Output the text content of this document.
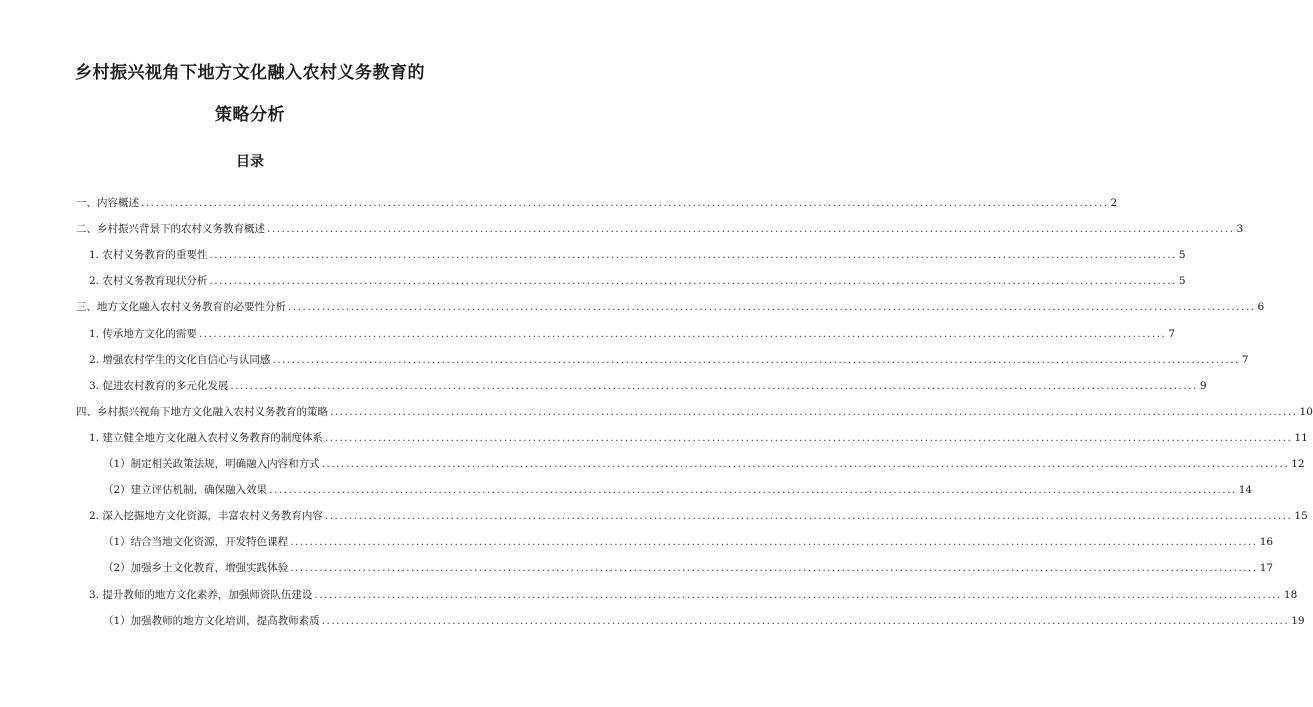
乡村振兴视角下地方文化融入农村义务教育的
策略分析
目录
一、内容概述 ........................................................................................................................................................................................................ 2
二、乡村振兴背景下的农村义务教育概述 ........................................................................................................................................................................................................ 3
1. 农村义务教育的重要性 ........................................................................................................................................................................................................ 5
2. 农村义务教育现状分析 ........................................................................................................................................................................................................ 5
三、地方文化融入农村义务教育的必要性分析 ........................................................................................................................................................................................................ 6
1. 传承地方文化的需要 ........................................................................................................................................................................................................ 7
2. 增强农村学生的文化自信心与认同感 ........................................................................................................................................................................................................ 7
3. 促进农村教育的多元化发展 ........................................................................................................................................................................................................ 9
四、乡村振兴视角下地方文化融入农村义务教育的策略 ........................................................................................................................................................................................................ 10
1. 建立健全地方文化融入农村义务教育的制度体系 ........................................................................................................................................................................................................ 11
（1）制定相关政策法规，明确融入内容和方式 ........................................................................................................................................................................................................ 12
（2）建立评估机制，确保融入效果 ........................................................................................................................................................................................................ 14
2. 深入挖掘地方文化资源，丰富农村义务教育内容 ........................................................................................................................................................................................................ 15
（1）结合当地文化资源，开发特色课程 ........................................................................................................................................................................................................ 16
（2）加强乡土文化教育，增强实践体验 ........................................................................................................................................................................................................ 17
3. 提升教师的地方文化素养，加强师资队伍建设 ........................................................................................................................................................................................................ 18
（1）加强教师的地方文化培训，提高教师素质 ........................................................................................................................................................................................................ 19
